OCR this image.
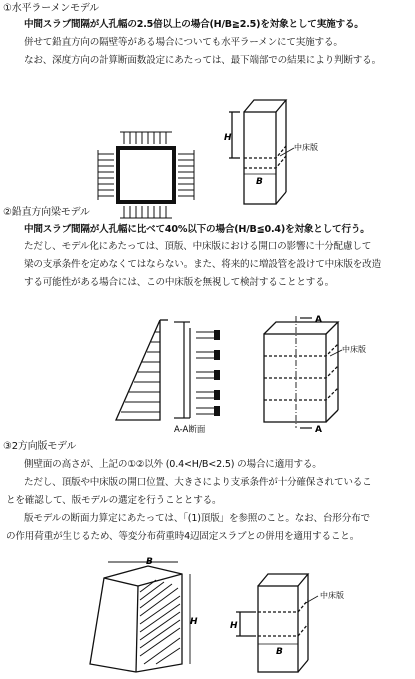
①水平ラーメンモデル
中間スラブ間隔が人孔幅の2.5倍以上の場合(H/B≧2.5)を対象として実施する。
併せて鉛直方向の隔壁等がある場合についても水平ラーメンにて実施する。
なお、深度方向の計算断面数設定にあたっては、最下端部での結果により判断する。
H
B
中床版
②鉛直方向梁モデル
中間スラブ間隔が人孔幅に比べて40%以下の場合(H/B≦0.4)を対象として行う。
ただし、モデル化にあたっては、頂版、中床版における開口の影響に十分配慮して
梁の支承条件を定めなくてはならない。また、将来的に増設管を設けて中床版を改造
する可能性がある場合には、この中床版を無視して検討することとする。
A-A断面
A
A
中床版
③2方向版モデル
側壁面の高さが、上記の①②以外 (0.4<H/B<2.5) の場合に適用する。
ただし、頂版や中床版の開口位置、大きさにより支承条件が十分確保されているこ
とを確認して、版モデルの選定を行うこととする。
版モデルの断面力算定にあたっては、「(1)頂版」を参照のこと。なお、台形分布で
の作用荷重が生じるため、等変分布荷重時4辺固定スラブとの併用を適用すること。
B
H	H
B
中床版
